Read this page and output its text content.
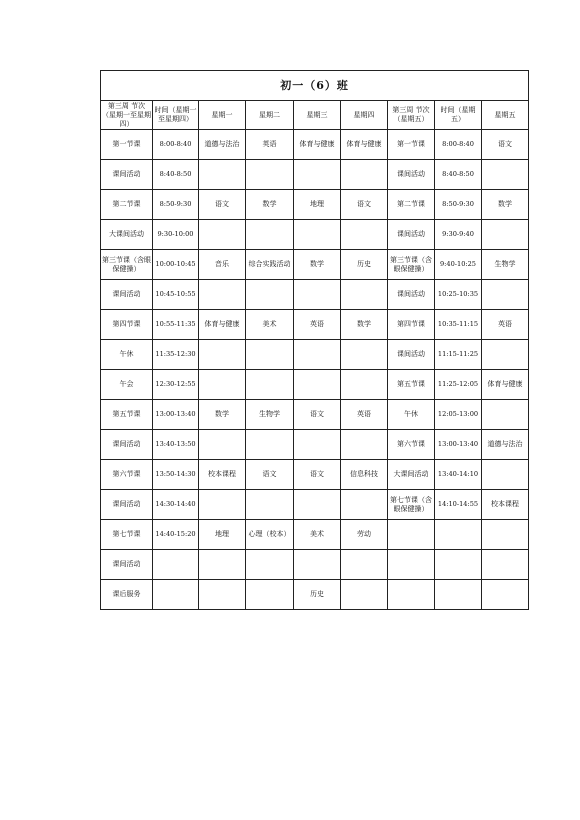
初一（6）班								
第三周 节次（星期一至星期四）	时间（星期一至星期四）	星期一	星期二	星期三	星期四	第三周 节次（星期五）	时间（星期五）	星期五
第一节课	8:00-8:40	道德与法治	英语	体育与健康	体育与健康	第一节课	8:00-8:40	语文
课间活动	8:40-8:50					课间活动	8:40-8:50	
第二节课	8:50-9:30	语文	数学	地理	语文	第二节课	8:50-9:30	数学
大课间活动	9:30-10:00					课间活动	9:30-9:40	
第三节课（含眼保健操）	10:00-10:45	音乐	综合实践活动	数学	历史	第三节课（含眼保健操）	9:40-10:25	生物学
课间活动	10:45-10:55					课间活动	10:25-10:35	
第四节课	10:55-11:35	体育与健康	美术	英语	数学	第四节课	10:35-11:15	英语
午休	11:35-12:30					课间活动	11:15-11:25	
午会	12:30-12:55					第五节课	11:25-12:05	体育与健康
第五节课	13:00-13:40	数学	生物学	语文	英语	午休	12:05-13:00	
课间活动	13:40-13:50					第六节课	13:00-13:40	道德与法治
第六节课	13:50-14:30	校本课程	语文	语文	信息科技	大课间活动	13:40-14:10	
课间活动	14:30-14:40					第七节课（含眼保健操）	14:10-14:55	校本课程
第七节课	14:40-15:20	地理	心理（校本）	美术	劳动			
课间活动								
课后服务				历史				
